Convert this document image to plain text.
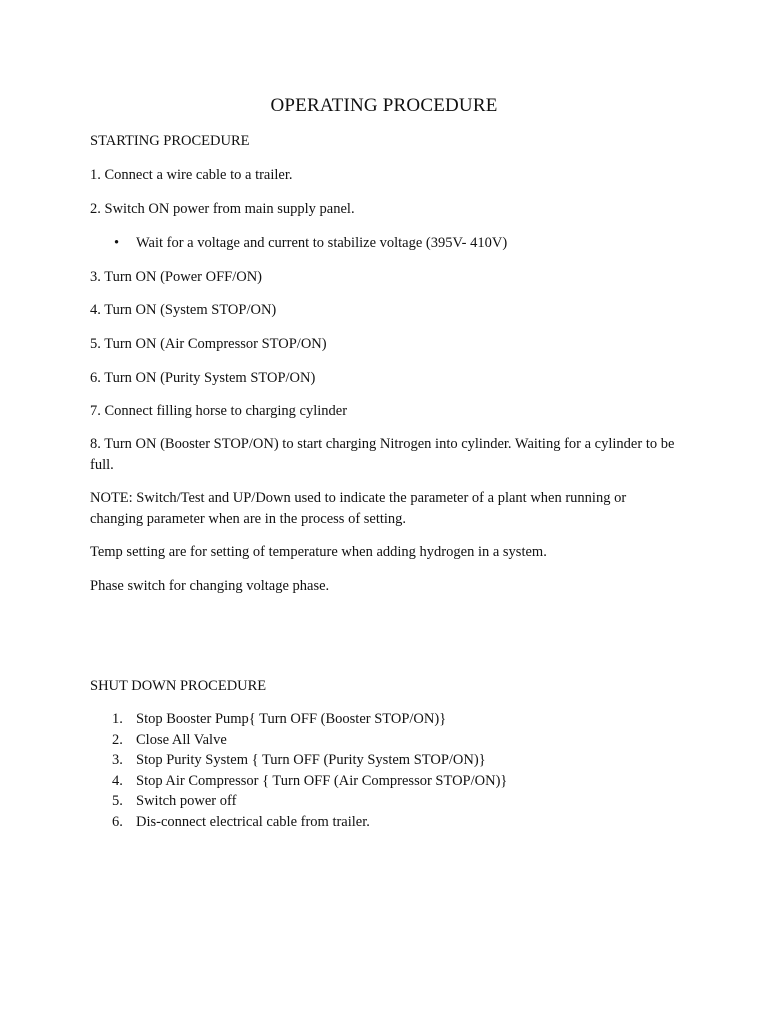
OPERATING PROCEDURE

STARTING PROCEDURE

1. Connect a wire cable to a trailer.

2. Switch ON power from main supply panel.

• Wait for a voltage and current to stabilize voltage (395V- 410V)

3. Turn ON (Power OFF/ON)

4. Turn ON (System STOP/ON)

5. Turn ON (Air Compressor STOP/ON)

6. Turn ON (Purity System STOP/ON)

7. Connect filling horse to charging cylinder

8. Turn ON (Booster STOP/ON) to start charging Nitrogen into cylinder. Waiting for a cylinder to be full.

NOTE: Switch/Test and UP/Down used to indicate the parameter of a plant when running or changing parameter when are in the process of setting.

Temp setting are for setting of temperature when adding hydrogen in a system.

Phase switch for changing voltage phase.

SHUT DOWN PROCEDURE

1. Stop Booster Pump{ Turn OFF (Booster STOP/ON)}
2. Close All Valve
3. Stop Purity System { Turn OFF (Purity System STOP/ON)}
4. Stop Air Compressor { Turn OFF (Air Compressor STOP/ON)}
5. Switch power off
6. Dis-connect electrical cable from trailer.
